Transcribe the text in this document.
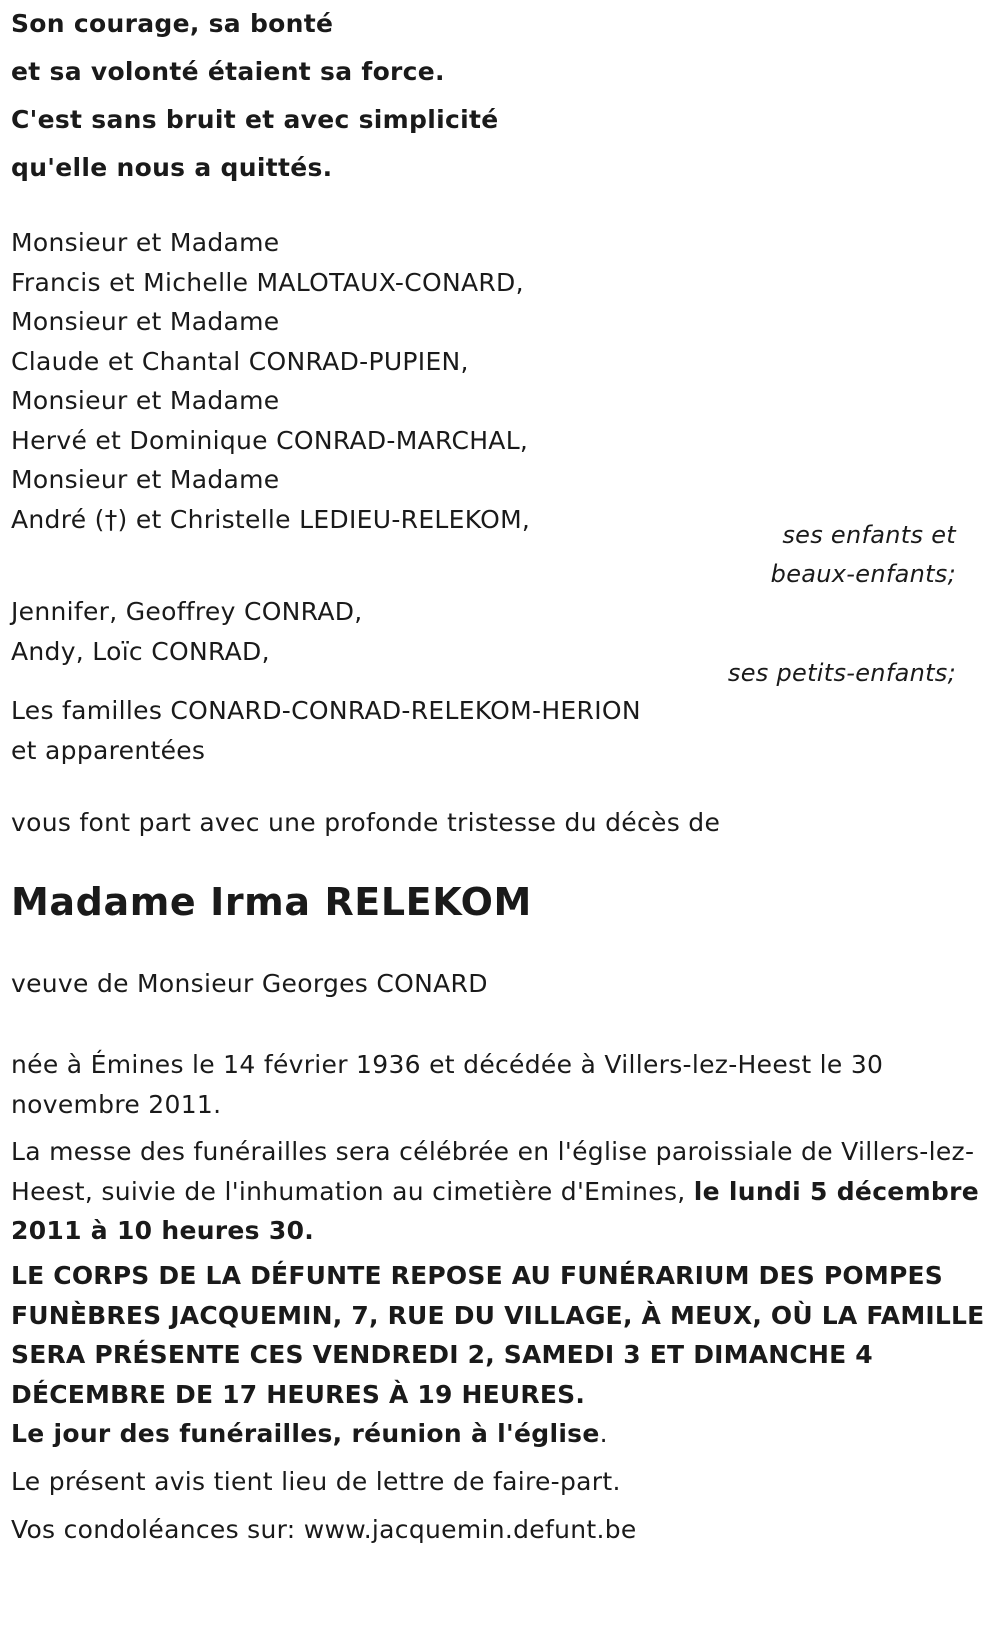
Son courage, sa bonté
et sa volonté étaient sa force.
C'est sans bruit et avec simplicité
qu'elle nous a quittés.
Monsieur et Madame
Francis et Michelle MALOTAUX-CONARD,
Monsieur et Madame
Claude et Chantal CONRAD-PUPIEN,
Monsieur et Madame
Hervé et Dominique CONRAD-MARCHAL,
Monsieur et Madame
André (†) et Christelle LEDIEU-RELEKOM,
ses enfants et
beaux-enfants;
Jennifer, Geoffrey CONRAD,
Andy, Loïc CONRAD,
ses petits-enfants;
Les familles CONARD-CONRAD-RELEKOM-HERION
et apparentées
vous font part avec une profonde tristesse du décès de
Madame Irma RELEKOM
veuve de Monsieur Georges CONARD
née à Émines le 14 février 1936 et décédée à Villers-lez-Heest le 30 novembre 2011.
La messe des funérailles sera célébrée en l'église paroissiale de Villers-lez-Heest, suivie de l'inhumation au cimetière d'Emines, le lundi 5 décembre 2011 à 10 heures 30.
LE CORPS DE LA DÉFUNTE REPOSE AU FUNÉRARIUM DES POMPES FUNÈBRES JACQUEMIN, 7, RUE DU VILLAGE, À MEUX, OÙ LA FAMILLE SERA PRÉSENTE CES VENDREDI 2, SAMEDI 3 ET DIMANCHE 4 DÉCEMBRE DE 17 HEURES À 19 HEURES.
Le jour des funérailles, réunion à l'église.
Le présent avis tient lieu de lettre de faire-part.
Vos condoléances sur: www.jacquemin.defunt.be
